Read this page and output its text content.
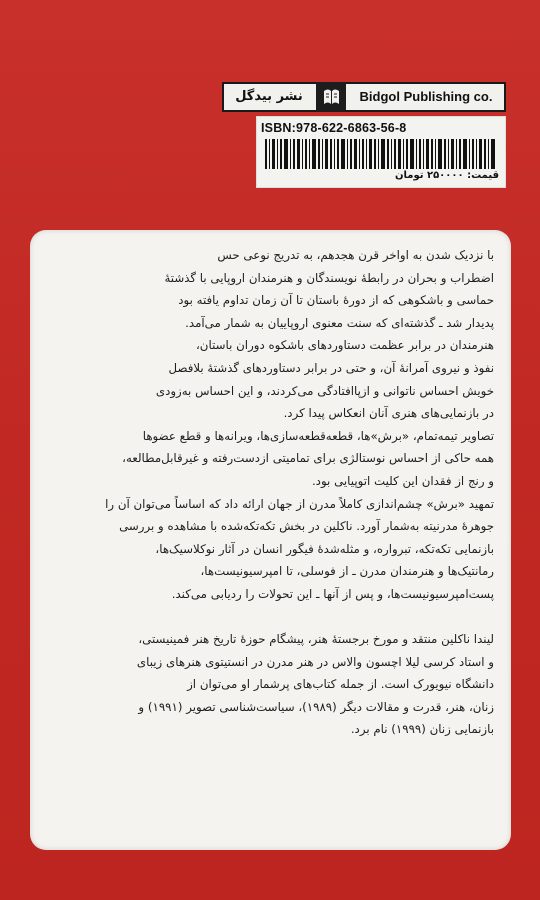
نشر بیدگل	Bidgol Publishing co.
ISBN:978-622-6863-56-8
قیمت: ۲۵۰۰۰۰ تومان
با نزدیک شدن به اواخر قرن هجدهم، به تدریج نوعی حس
اضطراب و بحران در رابطهٔ نویسندگان و هنرمندان اروپایی با گذشتهٔ
حماسی و باشکوهی که از دورهٔ باستان تا آن زمان تداوم یافته بود
پدیدار شد ـ گذشته‌ای که سنت معنوی اروپاییان به شمار می‌آمد.
هنرمندان در برابر عظمت دستاوردهای باشکوه دوران باستان،
نفوذ و نیروی آمرانهٔ آن، و حتی در برابر دستاوردهای گذشتهٔ بلافصل
خویش احساس ناتوانی و ازپاافتادگی می‌کردند، و این احساس به‌زودی
در بازنمایی‌های هنری آنان انعکاس پیدا کرد.
تصاویر تیمه‌تمام، «برش»ها، قطعه‌قطعه‌سازی‌ها، ویرانه‌ها و قطع عضوها
همه حاکی از احساس نوستالژی برای تمامیتی ازدست‌رفته و غیرقابل‌مطالعه،
و رنج از فقدان این کلیت اتوپیایی بود.
تمهید «برش» چشم‌اندازی کاملاً مدرن از جهان ارائه داد که اساساً می‌توان آن را
جوهرهٔ مدرنیته به‌شمار آورد. ناکلین در بخش تکه‌تکه‌شده با مشاهده و بررسی
بازنمایی تکه‌تکه، تبر‌واره، و مثله‌شدهٔ فیگور انسان در آثار نوکلاسیک‌ها،
رمانتیک‌ها و هنرمندان مدرن ـ از فوسلی، تا امپرسیونیست‌ها،
پست‌امپرسیونیست‌ها، و پس از آنها ـ این تحولات را ردیابی می‌کند.
لیندا ناکلین منتقد و مورخ برجستهٔ هنر، پیشگام حوزهٔ تاریخ هنر فمینیستی،
و استاد کرسی لیلا اچسون والاس در هنر مدرن در انستیتوی هنرهای زیبای
دانشگاه نیویورک است. از جمله کتاب‌های پرشمار او می‌توان از
زنان، هنر، قدرت و مقالات دیگر (۱۹۸۹)، سیاست‌شناسی تصویر (۱۹۹۱) و
بازنمایی زنان (۱۹۹۹) نام برد.
